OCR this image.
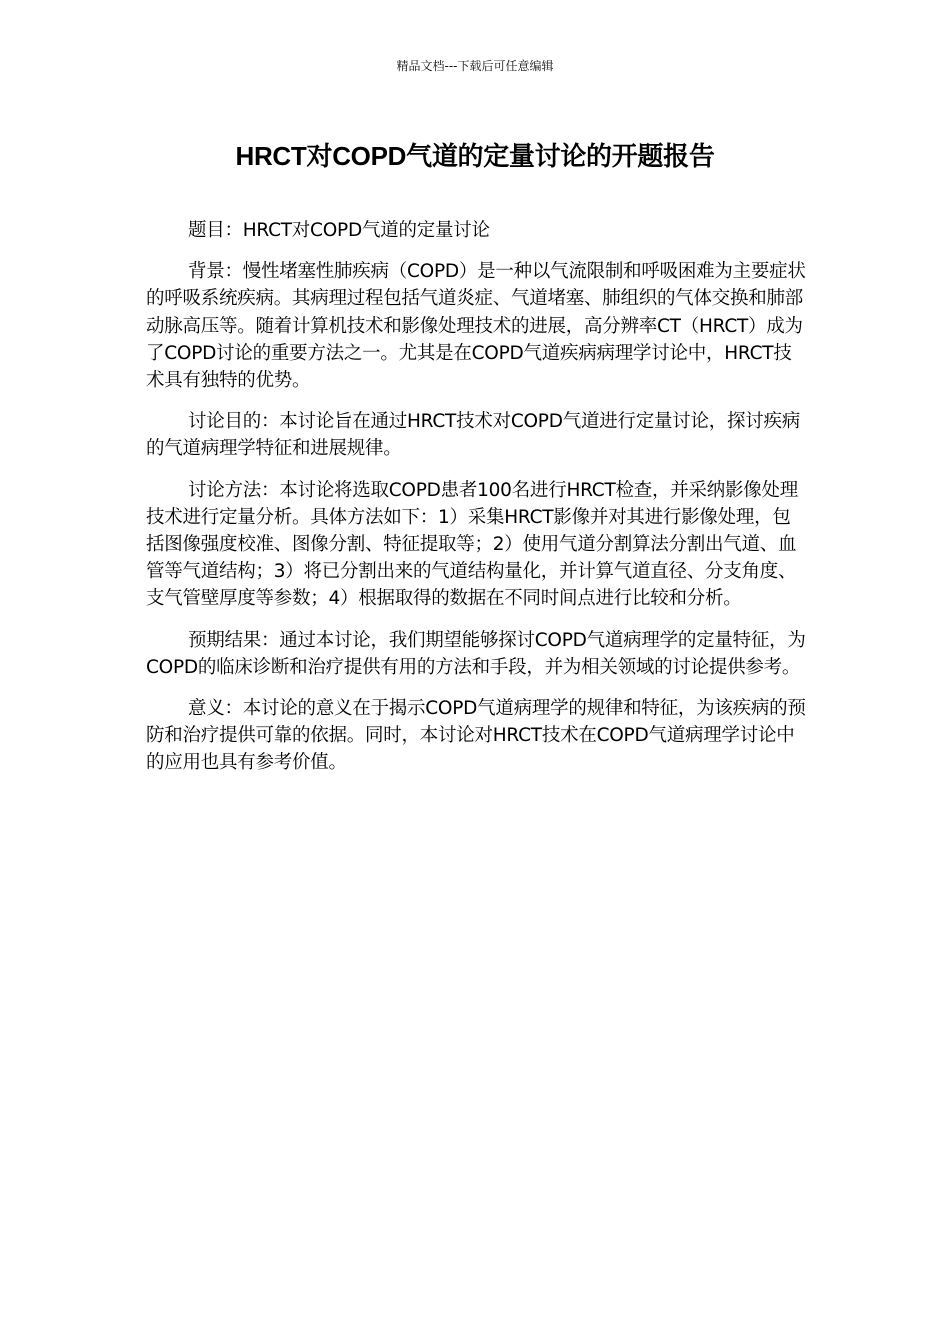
精品文档---下载后可任意编辑
HRCT对COPD气道的定量讨论的开题报告

题目：HRCT对COPD气道的定量讨论

背景：慢性堵塞性肺疾病（COPD）是一种以气流限制和呼吸困难为主要症状的呼吸系统疾病。其病理过程包括气道炎症、气道堵塞、肺组织的气体交换和肺部动脉高压等。随着计算机技术和影像处理技术的进展，高分辨率CT（HRCT）成为了COPD讨论的重要方法之一。尤其是在COPD气道疾病病理学讨论中，HRCT技术具有独特的优势。

讨论目的：本讨论旨在通过HRCT技术对COPD气道进行定量讨论，探讨疾病的气道病理学特征和进展规律。

讨论方法：本讨论将选取COPD患者100名进行HRCT检查，并采纳影像处理技术进行定量分析。具体方法如下：1）采集HRCT影像并对其进行影像处理，包括图像强度校准、图像分割、特征提取等；2）使用气道分割算法分割出气道、血管等气道结构；3）将已分割出来的气道结构量化，并计算气道直径、分支角度、支气管壁厚度等参数；4）根据取得的数据在不同时间点进行比较和分析。

预期结果：通过本讨论，我们期望能够探讨COPD气道病理学的定量特征，为COPD的临床诊断和治疗提供有用的方法和手段，并为相关领域的讨论提供参考。

意义：本讨论的意义在于揭示COPD气道病理学的规律和特征，为该疾病的预防和治疗提供可靠的依据。同时，本讨论对HRCT技术在COPD气道病理学讨论中的应用也具有参考价值。
